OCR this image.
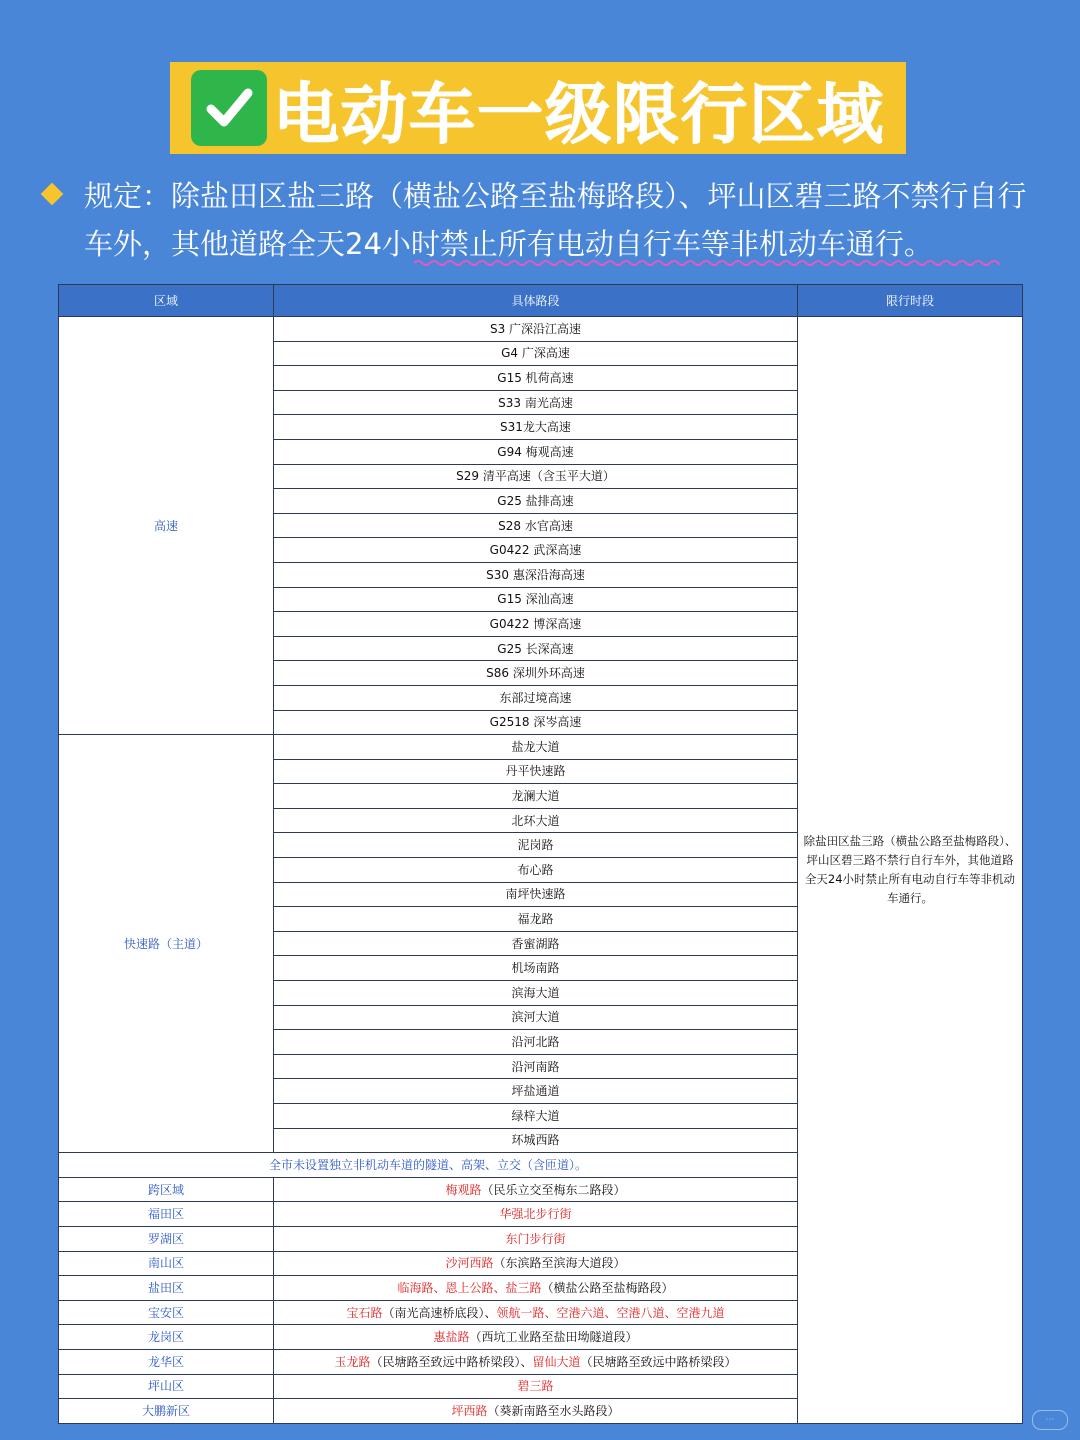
电动车一级限行区域
规定：除盐田区盐三路（横盐公路至盐梅路段）、坪山区碧三路不禁行自行车外，其他道路全天24小时禁止所有电动自行车等非机动车通行。
区域	具体路段	限行时段
高速	S3 广深沿江高速	除盐田区盐三路（横盐公路至盐梅路段）、坪山区碧三路不禁行自行车外，其他道路全天24小时禁止所有电动自行车等非机动车通行。
	G4 广深高速	
	G15 机荷高速	
	S33 南光高速	
	S31龙大高速	
	G94 梅观高速	
	S29 清平高速（含玉平大道）	
	G25 盐排高速	
	S28 水官高速	
	G0422 武深高速	
	S30 惠深沿海高速	
	G15 深汕高速	
	G0422 博深高速	
	G25 长深高速	
	S86 深圳外环高速	
	东部过境高速	
	G2518 深岑高速	
快速路（主道）	盐龙大道	
	丹平快速路	
	龙澜大道	
	北环大道	
	泥岗路	
	布心路	
	南坪快速路	
	福龙路	
	香蜜湖路	
	机场南路	
	滨海大道	
	滨河大道	
	沿河北路	
	沿河南路	
	坪盐通道	
	绿梓大道	
	环城西路	
全市未设置独立非机动车道的隧道、高架、立交（含匝道）。		
跨区域	梅观路（民乐立交至梅东二路段）	
福田区	华强北步行街	
罗湖区	东门步行街	
南山区	沙河西路（东滨路至滨海大道段）	
盐田区	临海路、恩上公路、盐三路（横盐公路至盐梅路段）	
宝安区	宝石路（南光高速桥底段）、领航一路、空港六道、空港八道、空港九道	
龙岗区	惠盐路（西坑工业路至盐田坳隧道段）	
龙华区	玉龙路（民塘路至致远中路桥梁段）、留仙大道（民塘路至致远中路桥梁段）	
坪山区	碧三路	
大鹏新区	坪西路（葵新南路至水头路段）	
⋯
